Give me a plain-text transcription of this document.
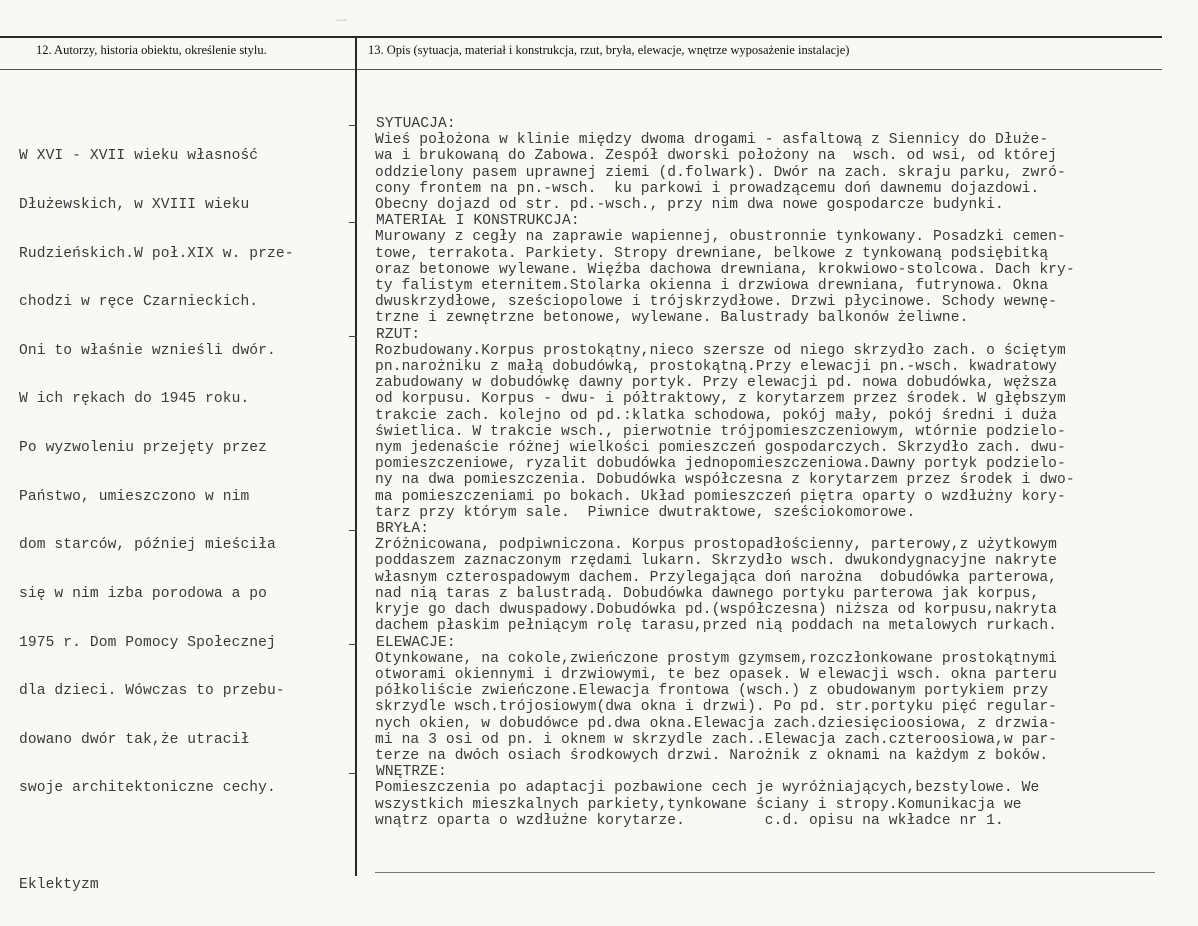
—
12. Autorzy, historia obiektu, określenie stylu.	13. Opis (sytuacja, materiał i konstrukcja, rzut, bryła, elewacje, wnętrze wyposażenie instalacje)

W XVI - XVII wieku własność

Dłużewskich, w XVIII wieku

Rudzieńskich.W poł.XIX w. prze-

chodzi w ręce Czarnieckich.

Oni to właśnie wznieśli dwór.

W ich rękach do 1945 roku.

Po wyzwoleniu przejęty przez

Państwo, umieszczono w nim

dom starców, później mieściła

się w nim izba porodowa a po

1975 r. Dom Pomocy Społecznej

dla dzieci. Wówczas to przebu-

dowano dwór tak,że utracił

swoje architektoniczne cechy.

Eklektyzm

SYTUACJA:
Wieś położona w klinie między dwoma drogami - asfaltową z Siennicy do Dłuże-
wa i brukowaną do Zabowa. Zespół dworski położony na  wsch. od wsi, od której
oddzielony pasem uprawnej ziemi (d.folwark). Dwór na zach. skraju parku, zwró-
cony frontem na pn.-wsch.  ku parkowi i prowadzącemu doń dawnemu dojazdowi.
Obecny dojazd od str. pd.-wsch., przy nim dwa nowe gospodarcze budynki.
MATERIAŁ I KONSTRUKCJA:
Murowany z cegły na zaprawie wapiennej, obustronnie tynkowany. Posadzki cemen-
towe, terrakota. Parkiety. Stropy drewniane, belkowe z tynkowaną podsiębitką
oraz betonowe wylewane. Więźba dachowa drewniana, krokwiowo-stolcowa. Dach kry-
ty falistym eternitem.Stolarka okienna i drzwiowa drewniana, futrynowa. Okna
dwuskrzydłowe, sześciopolowe i trójskrzydłowe. Drzwi płycinowe. Schody wewnę-
trzne i zewnętrzne betonowe, wylewane. Balustrady balkonów żeliwne.
RZUT:
Rozbudowany.Korpus prostokątny,nieco szersze od niego skrzydło zach. o ściętym
pn.narożniku z małą dobudówką, prostokątną.Przy elewacji pn.-wsch. kwadratowy
zabudowany w dobudówkę dawny portyk. Przy elewacji pd. nowa dobudówka, węższa
od korpusu. Korpus - dwu- i półtraktowy, z korytarzem przez środek. W głębszym
trakcie zach. kolejno od pd.:klatka schodowa, pokój mały, pokój średni i duża
świetlica. W trakcie wsch., pierwotnie trójpomieszczeniowym, wtórnie podzielo-
nym jedenaście różnej wielkości pomieszczeń gospodarczych. Skrzydło zach. dwu-
pomieszczeniowe, ryzalit dobudówka jednopomieszczeniowa.Dawny portyk podzielo-
ny na dwa pomieszczenia. Dobudówka współczesna z korytarzem przez środek i dwo-
ma pomieszczeniami po bokach. Układ pomieszczeń piętra oparty o wzdłużny kory-
tarz przy którym sale.  Piwnice dwutraktowe, sześciokomorowe.
BRYŁA:
Zróżnicowana, podpiwniczona. Korpus prostopadłościenny, parterowy,z użytkowym
poddaszem zaznaczonym rzędami lukarn. Skrzydło wsch. dwukondygnacyjne nakryte
własnym czterospadowym dachem. Przylegająca doń narożna  dobudówka parterowa,
nad nią taras z balustradą. Dobudówka dawnego portyku parterowa jak korpus,
kryje go dach dwuspadowy.Dobudówka pd.(współczesna) niższa od korpusu,nakryta
dachem płaskim pełniącym rolę tarasu,przed nią poddach na metalowych rurkach.
ELEWACJE:
Otynkowane, na cokole,zwieńczone prostym gzymsem,rozczłonkowane prostokątnymi
otworami okiennymi i drzwiowymi, te bez opasek. W elewacji wsch. okna parteru
półkoliście zwieńczone.Elewacja frontowa (wsch.) z obudowanym portykiem przy
skrzydle wsch.trójosiowym(dwa okna i drzwi). Po pd. str.portyku pięć regular-
nych okien, w dobudówce pd.dwa okna.Elewacja zach.dziesięcioosiowa, z drzwia-
mi na 3 osi od pn. i oknem w skrzydle zach..Elewacja zach.czteroosiowa,w par-
terze na dwóch osiach środkowych drzwi. Narożnik z oknami na każdym z boków.
WNĘTRZE:
Pomieszczenia po adaptacji pozbawione cech je wyróżniających,bezstylowe. We
wszystkich mieszkalnych parkiety,tynkowane ściany i stropy.Komunikacja we
wnątrz oparta o wzdłużne korytarze.         c.d. opisu na wkładce nr 1.
